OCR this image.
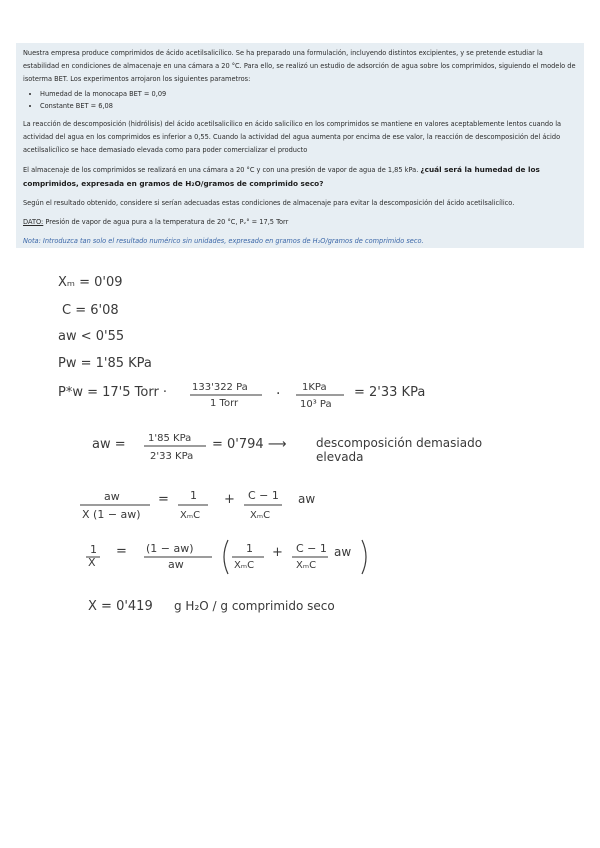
Nuestra empresa produce comprimidos de ácido acetilsalicílico. Se ha preparado una formulación, incluyendo distintos excipientes, y se pretende estudiar la estabilidad en condiciones de almacenaje en una cámara a 20 °C. Para ello, se realizó un estudio de adsorción de agua sobre los comprimidos, siguiendo el modelo de isoterma BET. Los experimentos arrojaron los siguientes parametros:

• Humedad de la monocapa BET = 0,09
• Constante BET = 6,08

La reacción de descomposición (hidrólisis) del ácido acetilsalicílico en ácido salicílico en los comprimidos se mantiene en valores aceptablemente lentos cuando la actividad del agua en los comprimidos es inferior a 0,55. Cuando la actividad del agua aumenta por encima de ese valor, la reacción de descomposición del ácido acetilsalicílico se hace demasiado elevada como para poder comercializar el producto

El almacenaje de los comprimidos se realizará en una cámara a 20 °C y con una presión de vapor de agua de 1,85 kPa. ¿cuál será la humedad de los comprimidos, expresada en gramos de H₂O/gramos de comprimido seco?

Según el resultado obtenido, considere si serían adecuadas estas condiciones de almacenaje para evitar la descomposición del ácido acetilsalicílico.

DATO: Presión de vapor de agua pura a la temperatura de 20 °C, Pᵥ° = 17,5 Torr

Nota: Introduzca tan solo el resultado numérico sin unidades, expresado en gramos de H₂O/gramos de comprimido seco.

Xₘ = 0'09
C = 6'08
aw < 0'55
Pw = 1'85 KPa
P*w = 17'5 Torr · 133'322 Pa
1 Torr
1KPa
10³ Pa
·	= 2'33 KPa
aw = 1'85 KPa
2'33 KPa
= 0'794 ⟶ descomposición demasiado
elevada
aw
X (1 − aw)
= 1
XₘC
+ C − 1
XₘC
aw
1
X
= (1 − aw)
aw
1
XₘC
+ C − 1
XₘC
aw
X = 0'419 g H₂O / g comprimido seco
